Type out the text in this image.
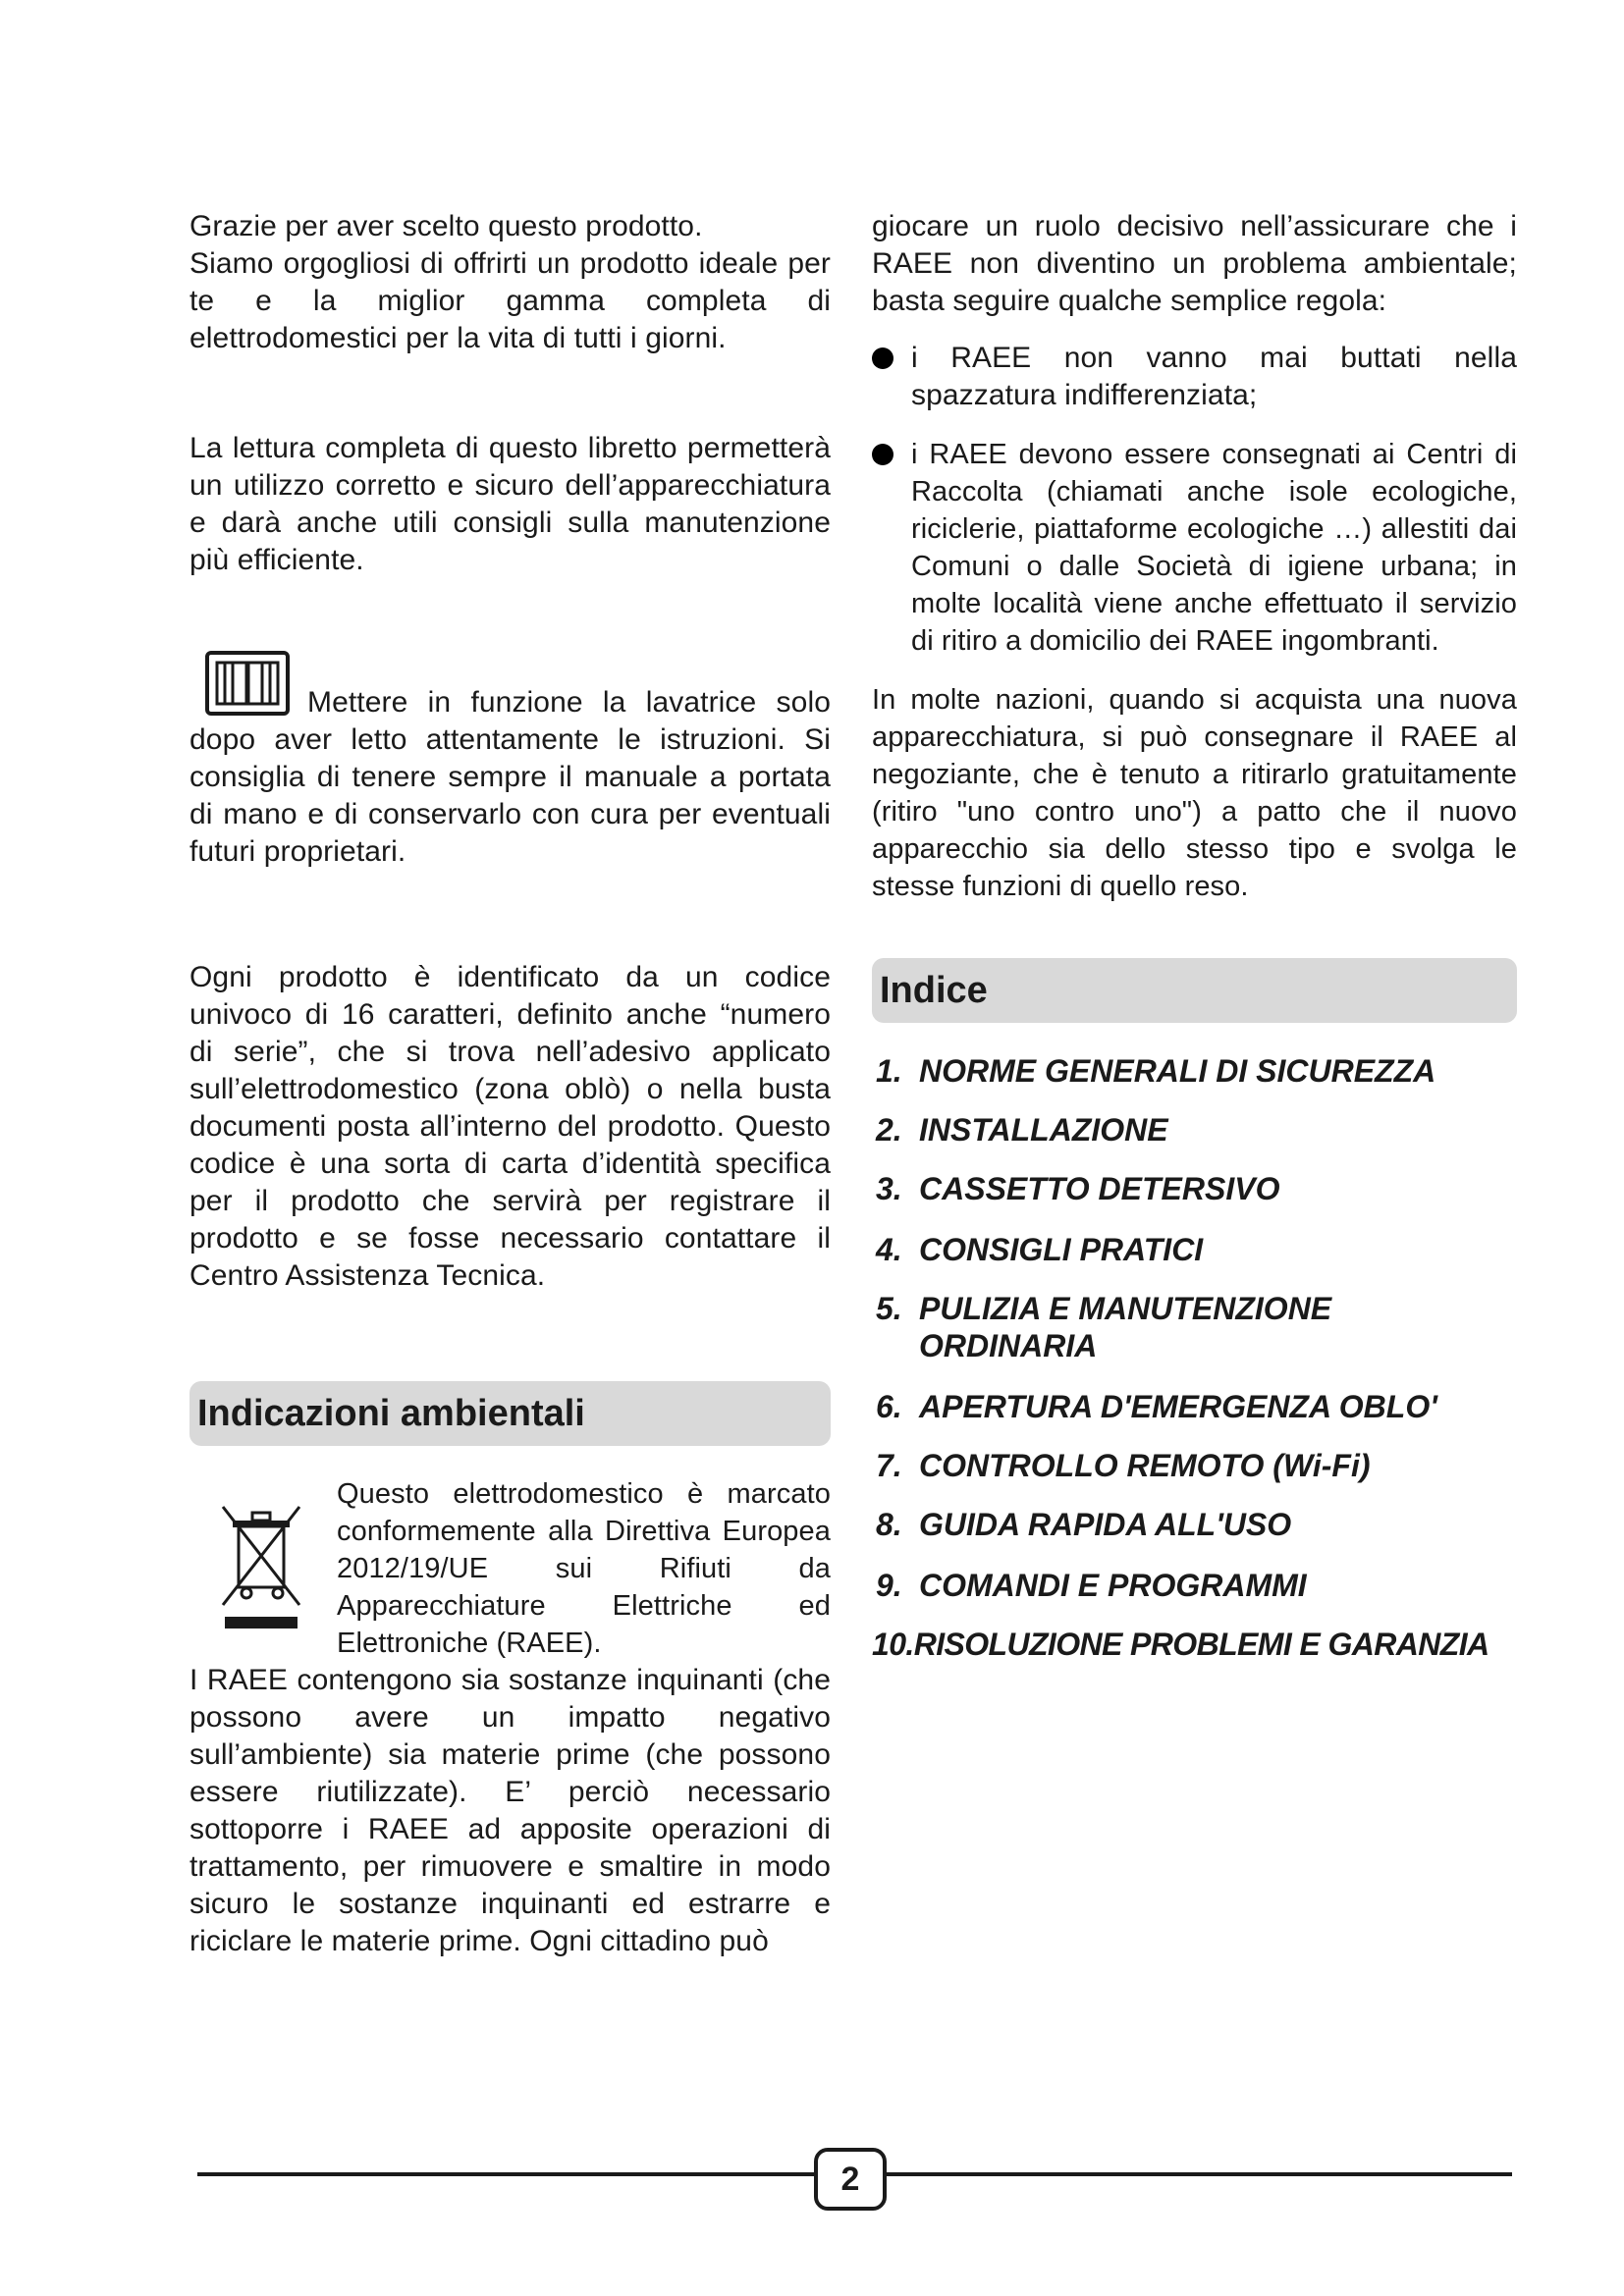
Grazie per aver scelto questo prodotto.

Siamo orgogliosi di offrirti un prodotto ideale per te e la miglior gamma completa di elettrodomestici per la vita di tutti i giorni.

La lettura completa di questo libretto permetterà un utilizzo corretto e sicuro dell’apparecchiatura e darà anche utili consigli sulla manutenzione più efficiente.

Mettere in funzione la lavatrice solo dopo aver letto attentamente le istruzioni. Si consiglia di tenere sempre il manuale a portata di mano e di conservarlo con cura per eventuali futuri proprietari.

Ogni prodotto è identificato da un codice univoco di 16 caratteri, definito anche “numero di serie”, che si trova nell’adesivo applicato sull’elettrodomestico (zona oblò) o nella busta documenti posta all’interno del prodotto. Questo codice è una sorta di carta d’identità specifica per il prodotto che servirà per registrare il prodotto e se fosse necessario contattare il Centro Assistenza Tecnica.

Indicazioni ambientali

Questo elettrodomestico è marcato conformemente alla Direttiva Europea 2012/19/UE sui Rifiuti da Apparecchiature Elettriche ed Elettroniche (RAEE).

I RAEE contengono sia sostanze inquinanti (che possono avere un impatto negativo sull’ambiente) sia materie prime (che possono essere riutilizzate). E’ perciò necessario sottoporre i RAEE ad apposite operazioni di trattamento, per rimuovere e smaltire in modo sicuro le sostanze inquinanti ed estrarre e riciclare le materie prime. Ogni cittadino può

giocare un ruolo decisivo nell’assicurare che i RAEE non diventino un problema ambientale; basta seguire qualche semplice regola:

i RAEE non vanno mai buttati nella spazzatura indifferenziata;
i RAEE devono essere consegnati ai Centri di Raccolta (chiamati anche isole ecologiche, riciclerie, piattaforme ecologiche …) allestiti dai Comuni o dalle Società di igiene urbana; in molte località viene anche effettuato il servizio di ritiro a domicilio dei RAEE ingombranti.

In molte nazioni, quando si acquista una nuova apparecchiatura, si può consegnare il RAEE al negoziante, che è tenuto a ritirarlo gratuitamente (ritiro "uno contro uno") a patto che il nuovo apparecchio sia dello stesso tipo e svolga le stesse funzioni di quello reso.

Indice
1. NORME GENERALI DI SICUREZZA
2. INSTALLAZIONE
3. CASSETTO DETERSIVO
4. CONSIGLI PRATICI
5. PULIZIA E MANUTENZIONE ORDINARIA
6. APERTURA D'EMERGENZA OBLO'
7. CONTROLLO REMOTO (Wi-Fi)
8. GUIDA RAPIDA ALL'USO
9. COMANDI E PROGRAMMI
10.RISOLUZIONE PROBLEMI E GARANZIA
2
